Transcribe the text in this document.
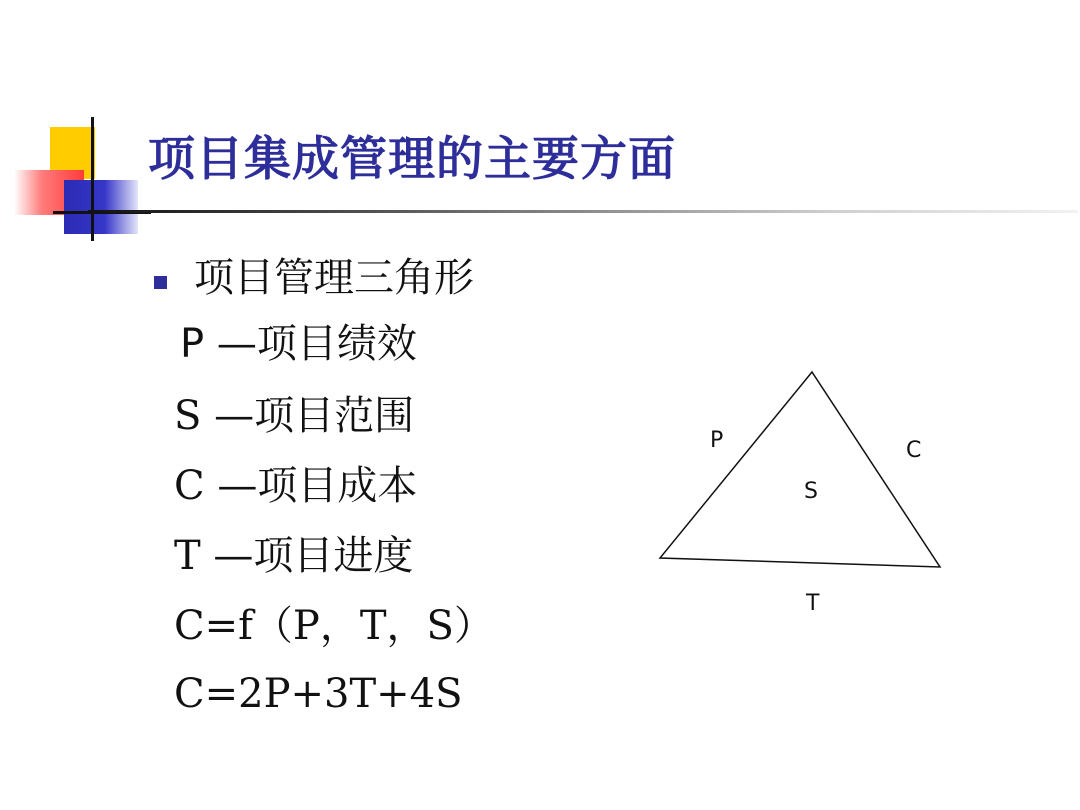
项目集成管理的主要方面
项目管理三角形
P —项目绩效
S —项目范围
C —项目成本
T —项目进度
C=f（P，T，S）
C=2P+3T+4S
P	C
S
T
